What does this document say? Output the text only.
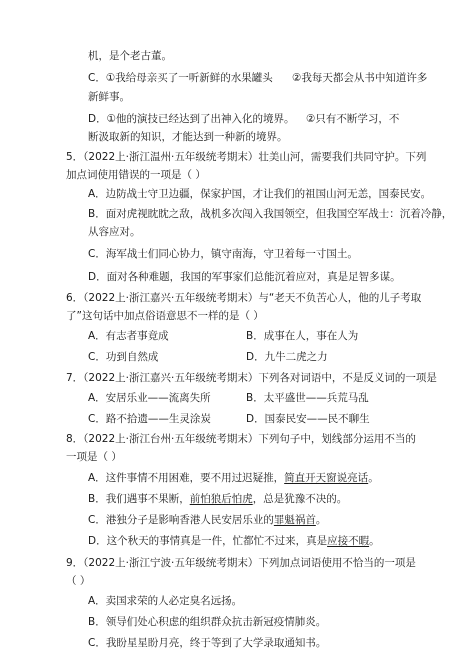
机，是个老古董。
C．①我给母亲买了一听新鲜的水果罐头 ②我每天都会从书中知道许多
新鲜事。
D．①他的演技已经达到了出神入化的境界。 ②只有不断学习，不
断汲取新的知识，才能达到一种新的境界。
5．（2022上·浙江温州·五年级统考期末）壮美山河，需要我们共同守护。下列
加点词使用错误的一项是（ ）
A．边防战士守卫边疆，保家护国，才让我们的祖国山河无恙，国泰民安。
B．面对虎视眈眈之敌，战机多次闯入我国领空，但我国空军战士：沉着冷静，
从容应对。
C．海军战士们同心协力，镇守南海，守卫着每一寸国土。
D．面对各种难题，我国的军事家们总能沉着应对，真是足智多谋。
6．（2022上·浙江嘉兴·五年级统考期末）与“老天不负苦心人，他的儿子考取
了”这句话中加点俗语意思不一样的是（ ）
A．有志者事竟成	B．成事在人，事在人为
C．功到自然成	D．九牛二虎之力
7．（2022上·浙江嘉兴·五年级统考期末）下列各对词语中，不是反义词的一项是
A．安居乐业——流离失所	B．太平盛世——兵荒马乱
C．路不拾遗——生灵涂炭	D．国泰民安——民不聊生
8．（2022上·浙江台州·五年级统考期末）下列句子中，划线部分运用不当的
一项是（ ）
A．这件事情不用困难，要不用过迟疑推，简直开天窗说亮话。
B．我们遇事不果断，前怕狼后怕虎，总是犹豫不决的。
C．港独分子是影响香港人民安居乐业的罪魁祸首。
D．这个秋天的事情真是一件，忙都忙不过来，真是应接不暇。
9．（2022上·浙江宁波·五年级统考期末）下列加点词语使用不恰当的一项是
（ ）
A．卖国求荣的人必定臭名远扬。
B．领导们处心积虑的组织群众抗击新冠疫情肺炎。
C．我盼星星盼月亮，终于等到了大学录取通知书。
